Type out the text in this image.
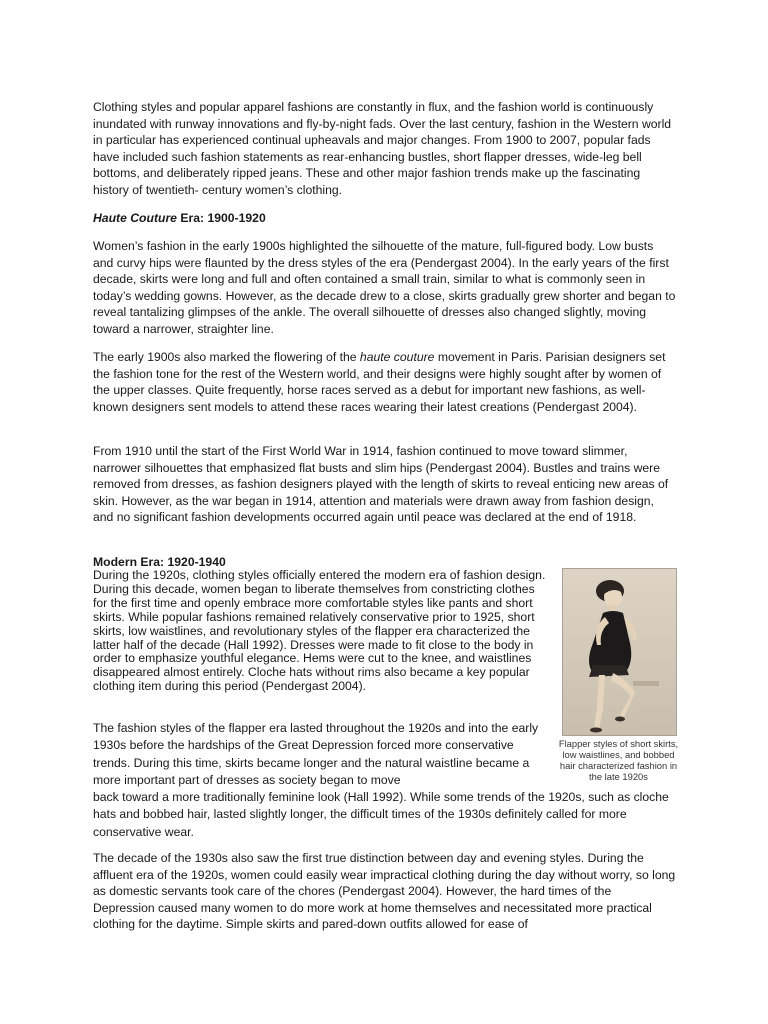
Clothing styles and popular apparel fashions are constantly in flux, and the fashion world is continuously inundated with runway innovations and fly-by-night fads. Over the last century, fashion in the Western world in particular has experienced continual upheavals and major changes. From 1900 to 2007, popular fads have included such fashion statements as rear-enhancing bustles, short flapper dresses, wide-leg bell bottoms, and deliberately ripped jeans. These and other major fashion trends make up the fascinating history of twentieth- century women’s clothing.

Haute Couture Era: 1900-1920

Women’s fashion in the early 1900s highlighted the silhouette of the mature, full-figured body. Low busts and curvy hips were flaunted by the dress styles of the era (Pendergast 2004). In the early years of the first decade, skirts were long and full and often contained a small train, similar to what is commonly seen in today’s wedding gowns. However, as the decade drew to a close, skirts gradually grew shorter and began to reveal tantalizing glimpses of the ankle. The overall silhouette of dresses also changed slightly, moving toward a narrower, straighter line.

The early 1900s also marked the flowering of the haute couture movement in Paris. Parisian designers set the fashion tone for the rest of the Western world, and their designs were highly sought after by women of the upper classes. Quite frequently, horse races served as a debut for important new fashions, as well-known designers sent models to attend these races wearing their latest creations (Pendergast 2004).

From 1910 until the start of the First World War in 1914, fashion continued to move toward slimmer, narrower silhouettes that emphasized flat busts and slim hips (Pendergast 2004). Bustles and trains were removed from dresses, as fashion designers played with the length of skirts to reveal enticing new areas of skin. However, as the war began in 1914, attention and materials were drawn away from fashion design, and no significant fashion developments occurred again until peace was declared at the end of 1918.

Modern Era: 1920-1940

During the 1920s, clothing styles officially entered the modern era of fashion design. During this decade, women began to liberate themselves from constricting clothes for the first time and openly embrace more comfortable styles like pants and short skirts. While popular fashions remained relatively conservative prior to 1925, short skirts, low waistlines, and revolutionary styles of the flapper era characterized the latter half of the decade (Hall 1992). Dresses were made to fit close to the body in order to emphasize youthful elegance. Hems were cut to the knee, and waistlines disappeared almost entirely. Cloche hats without rims also became a key popular clothing item during this period (Pendergast 2004).

The fashion styles of the flapper era lasted throughout the 1920s and into the early 1930s before the hardships of the Great Depression forced more conservative trends. During this time, skirts became longer and the natural waistline became a more important part of dresses as society began to move
back toward a more traditionally feminine look (Hall 1992). While some trends of the 1920s, such as cloche hats and bobbed hair, lasted slightly longer, the difficult times of the 1930s definitely called for more conservative wear.

The decade of the 1930s also saw the first true distinction between day and evening styles. During the affluent era of the 1920s, women could easily wear impractical clothing during the day without worry, so long as domestic servants took care of the chores (Pendergast 2004). However, the hard times of the Depression caused many women to do more work at home themselves and necessitated more practical clothing for the daytime. Simple skirts and pared-down outfits allowed for ease of

Flapper styles of short skirts, low waistlines, and bobbed hair characterized fashion in the late 1920s
